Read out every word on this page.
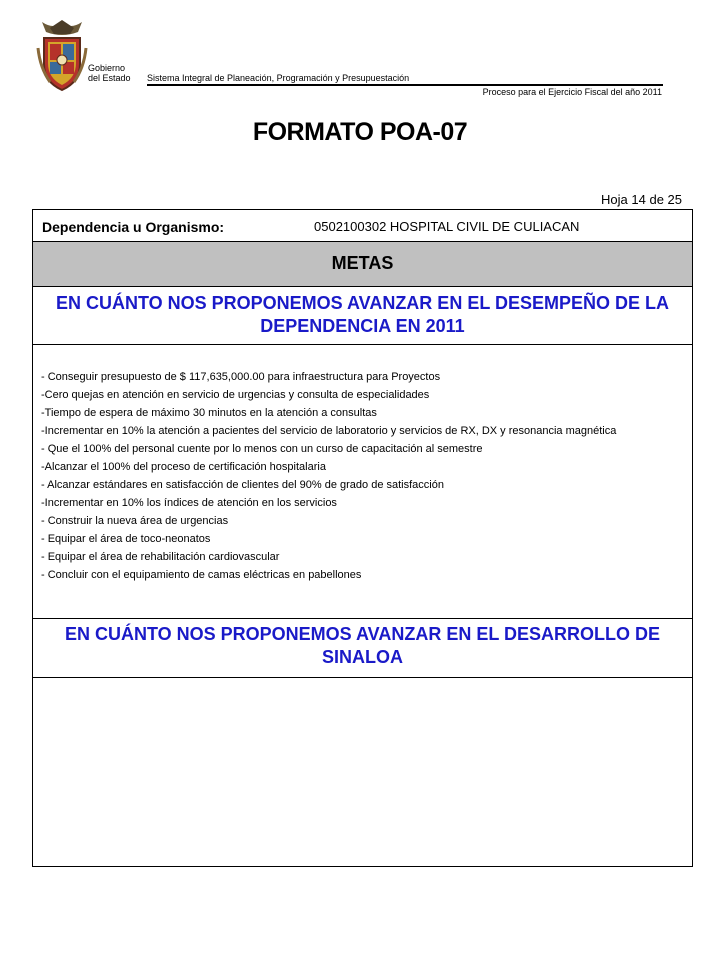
Gobierno
del Estado Sistema Integral de Planeación, Programación y Presupuestación
Proceso para el Ejercicio Fiscal del año 2011
FORMATO POA-07
Hoja 14 de 25
Dependencia u Organismo:	0502100302 HOSPITAL CIVIL DE CULIACAN
METAS
EN CUÁNTO NOS PROPONEMOS AVANZAR EN EL DESEMPEÑO DE LA DEPENDENCIA EN 2011
- Conseguir presupuesto de $ 117,635,000.00 para infraestructura para Proyectos
-Cero quejas en atención en servicio de urgencias y consulta de especialidades
-Tiempo de espera de máximo 30 minutos en la atención a consultas
-Incrementar en 10% la atención a pacientes del servicio de laboratorio y servicios de RX, DX y resonancia magnética
- Que el 100% del personal cuente por lo menos con un curso de capacitación al semestre
-Alcanzar el 100% del proceso de certificación hospitalaria
- Alcanzar estándares en satisfacción de clientes del 90% de grado de satisfacción
-Incrementar en 10% los índices de atención en los servicios
- Construir la nueva área de urgencias
- Equipar el área de toco-neonatos
- Equipar el área de rehabilitación cardiovascular
- Concluir con el equipamiento de camas eléctricas en pabellones
EN CUÁNTO NOS PROPONEMOS AVANZAR EN EL DESARROLLO DE SINALOA
